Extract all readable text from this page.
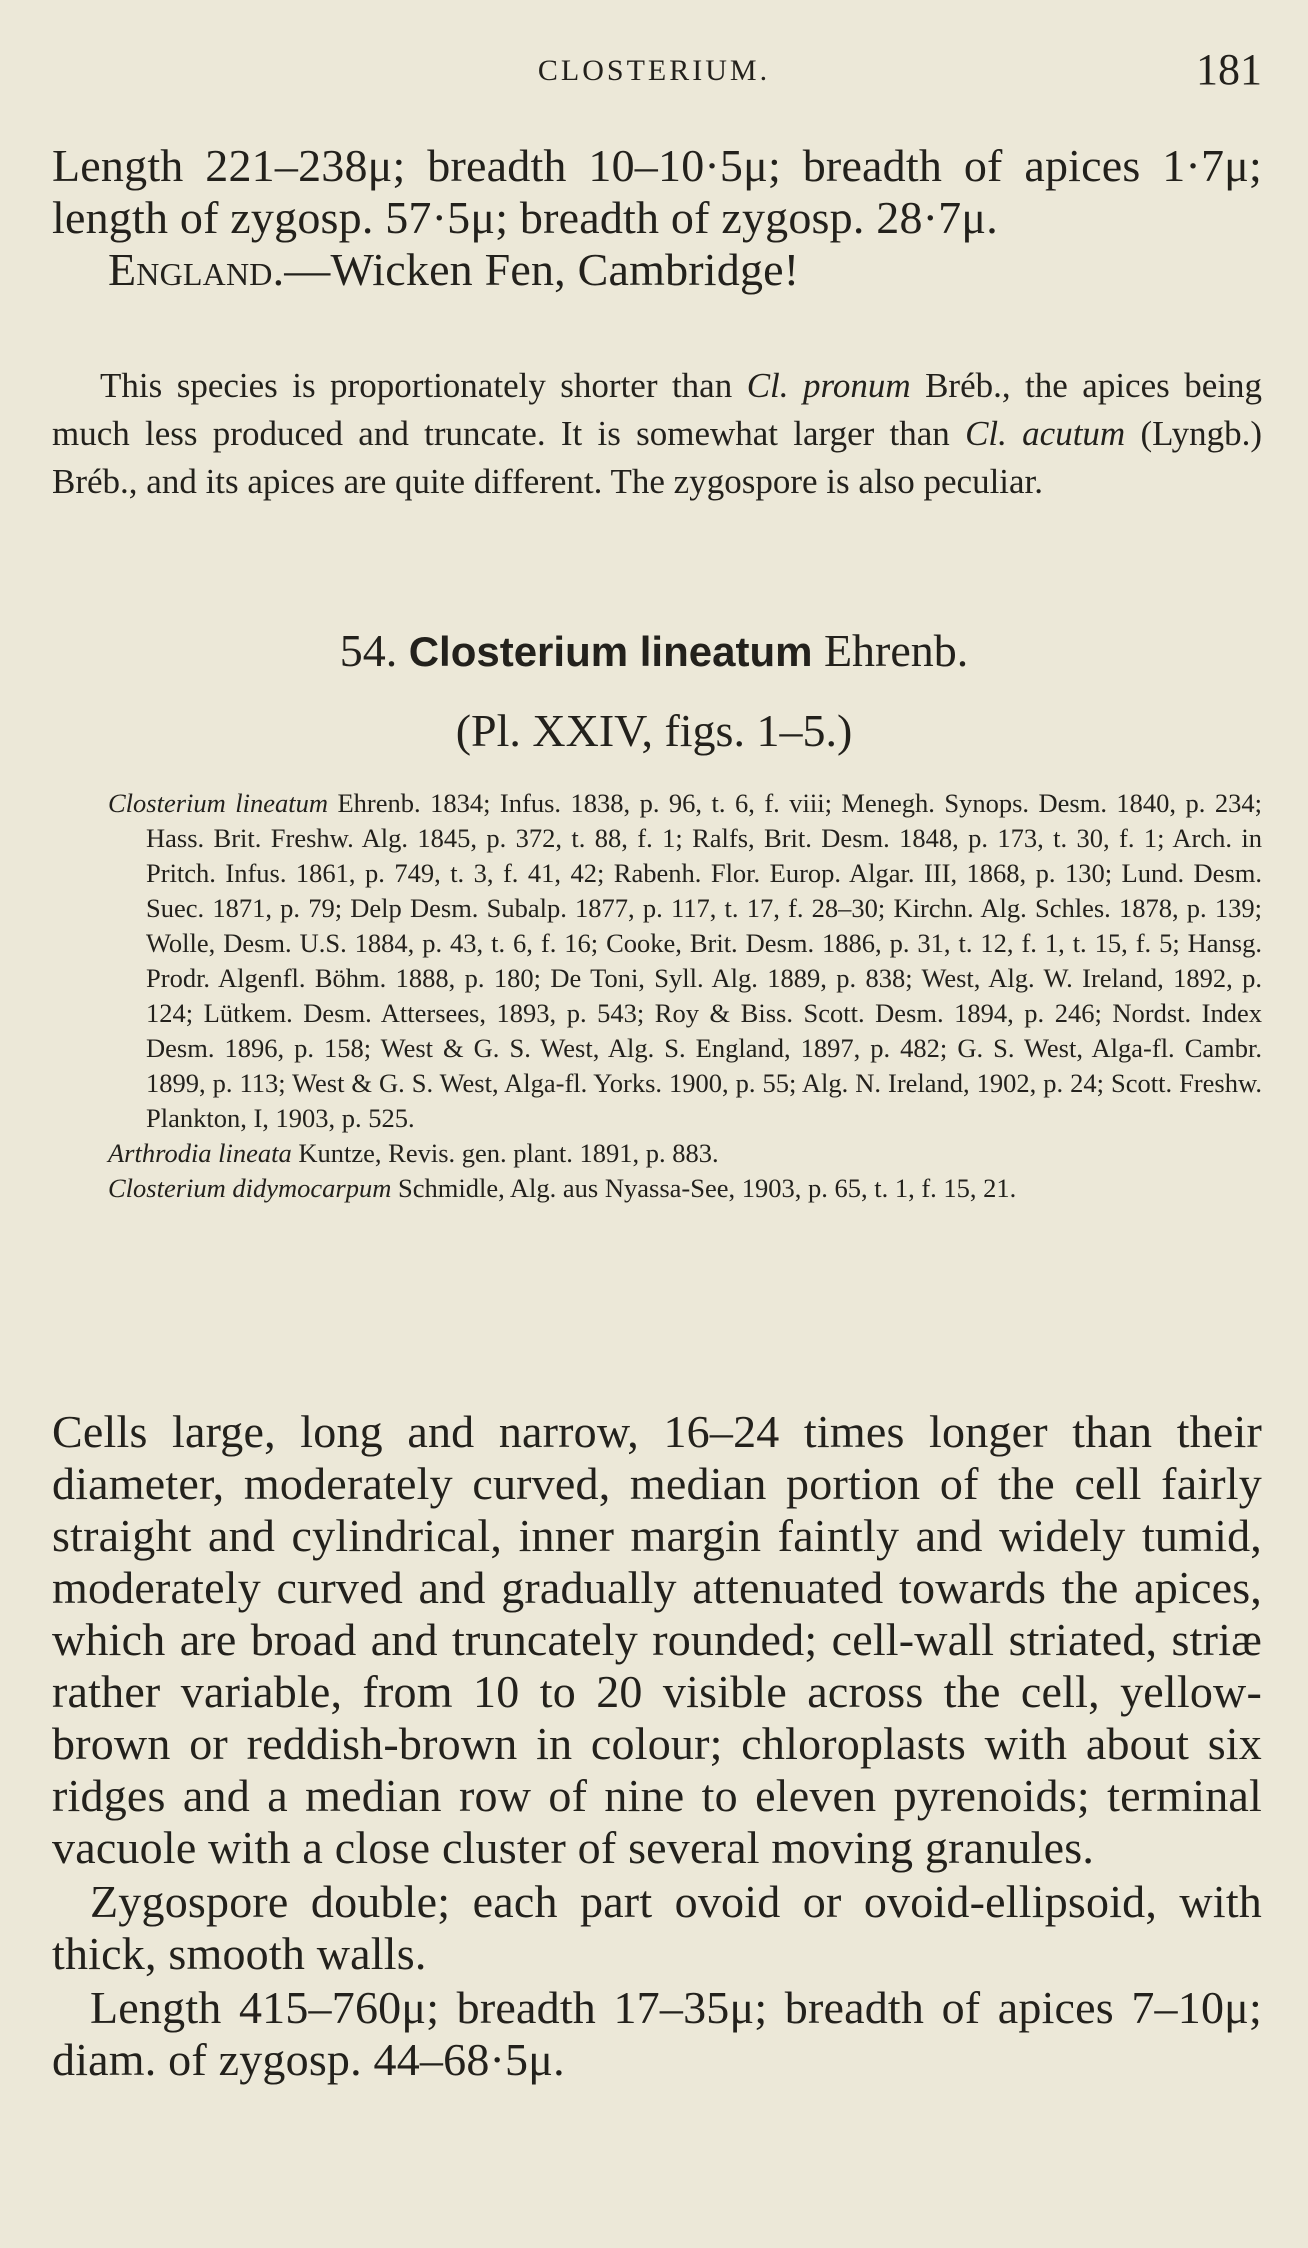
CLOSTERIUM.	181

Length 221–238μ; breadth 10–10·5μ; breadth of apices 1·7μ; length of zygosp. 57·5μ; breadth of zygosp. 28·7μ.

England.—Wicken Fen, Cambridge!

This species is proportionately shorter than Cl. pronum Bréb., the apices being much less produced and truncate. It is somewhat larger than Cl. acutum (Lyngb.) Bréb., and its apices are quite different. The zygospore is also peculiar.

54. Closterium lineatum Ehrenb.
(Pl. XXIV, figs. 1–5.)

Closterium lineatum Ehrenb. 1834; Infus. 1838, p. 96, t. 6, f. viii; Menegh. Synops. Desm. 1840, p. 234; Hass. Brit. Freshw. Alg. 1845, p. 372, t. 88, f. 1; Ralfs, Brit. Desm. 1848, p. 173, t. 30, f. 1; Arch. in Pritch. Infus. 1861, p. 749, t. 3, f. 41, 42; Rabenh. Flor. Europ. Algar. III, 1868, p. 130; Lund. Desm. Suec. 1871, p. 79; Delp Desm. Subalp. 1877, p. 117, t. 17, f. 28–30; Kirchn. Alg. Schles. 1878, p. 139; Wolle, Desm. U.S. 1884, p. 43, t. 6, f. 16; Cooke, Brit. Desm. 1886, p. 31, t. 12, f. 1, t. 15, f. 5; Hansg. Prodr. Algenfl. Böhm. 1888, p. 180; De Toni, Syll. Alg. 1889, p. 838; West, Alg. W. Ireland, 1892, p. 124; Lütkem. Desm. Attersees, 1893, p. 543; Roy & Biss. Scott. Desm. 1894, p. 246; Nordst. Index Desm. 1896, p. 158; West & G. S. West, Alg. S. England, 1897, p. 482; G. S. West, Alga-fl. Cambr. 1899, p. 113; West & G. S. West, Alga-fl. Yorks. 1900, p. 55; Alg. N. Ireland, 1902, p. 24; Scott. Freshw. Plankton, I, 1903, p. 525.

Arthrodia lineata Kuntze, Revis. gen. plant. 1891, p. 883.

Closterium didymocarpum Schmidle, Alg. aus Nyassa-See, 1903, p. 65, t. 1, f. 15, 21.

Cells large, long and narrow, 16–24 times longer than their diameter, moderately curved, median portion of the cell fairly straight and cylindrical, inner margin faintly and widely tumid, moderately curved and gradually attenuated towards the apices, which are broad and truncately rounded; cell-wall striated, striæ rather variable, from 10 to 20 visible across the cell, yellow-brown or reddish-brown in colour; chloroplasts with about six ridges and a median row of nine to eleven pyrenoids; terminal vacuole with a close cluster of several moving granules.

Zygospore double; each part ovoid or ovoid-ellipsoid, with thick, smooth walls.

Length 415–760μ; breadth 17–35μ; breadth of apices 7–10μ; diam. of zygosp. 44–68·5μ.
